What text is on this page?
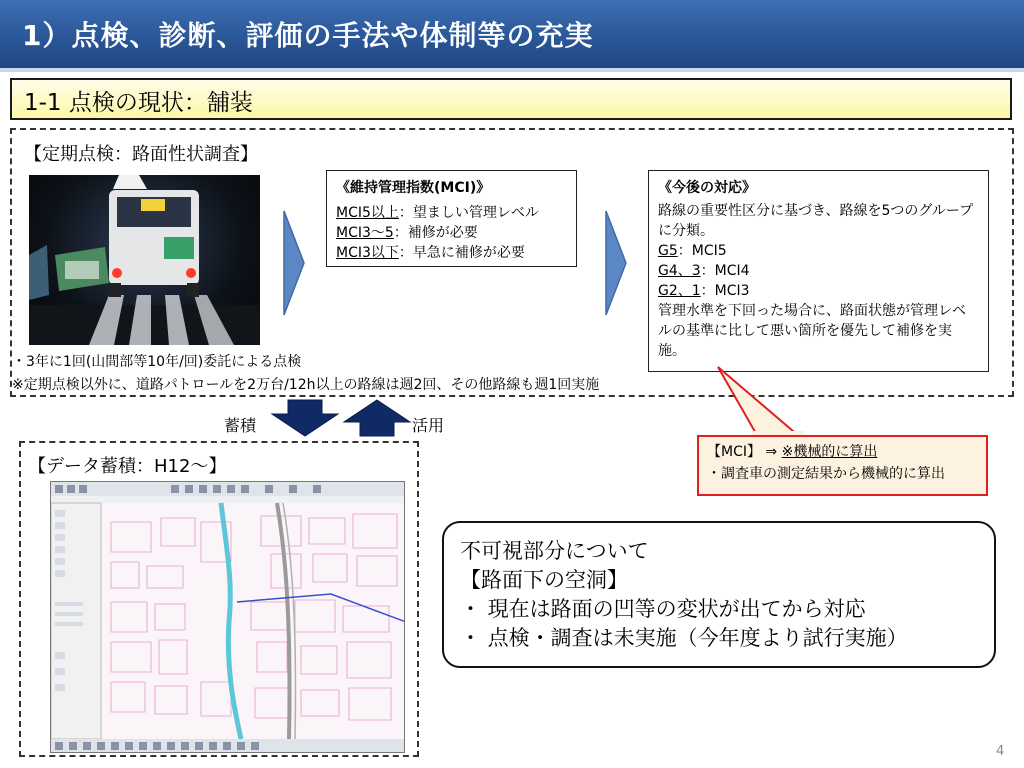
1）点検、診断、評価の手法や体制等の充実
1-1 点検の現状：舗装
【定期点検：路面性状調査】
・3年に1回(山間部等10年/回)委託による点検
※定期点検以外に、道路パトロールを2万台/12h以上の路線は週2回、その他路線も週1回実施
《維持管理指数(MCI)》
MCI5以上：望ましい管理レベル
MCI3～5：補修が必要
MCI3以下：早急に補修が必要
《今後の対応》
路線の重要性区分に基づき、路線を5つのグループに分類。
G5：MCI5
G4、3：MCI4
G2、1：MCI3
管理水準を下回った場合に、路面状態が管理レベルの基準に比して悪い箇所を優先して補修を実施。
【MCI】 ⇒ ※機械的に算出
・調査車の測定結果から機械的に算出
蓄積	活用
【データ蓄積：H12～】
不可視部分について
【路面下の空洞】
・ 現在は路面の凹等の変状が出てから対応
・ 点検・調査は未実施（今年度より試行実施）
4
